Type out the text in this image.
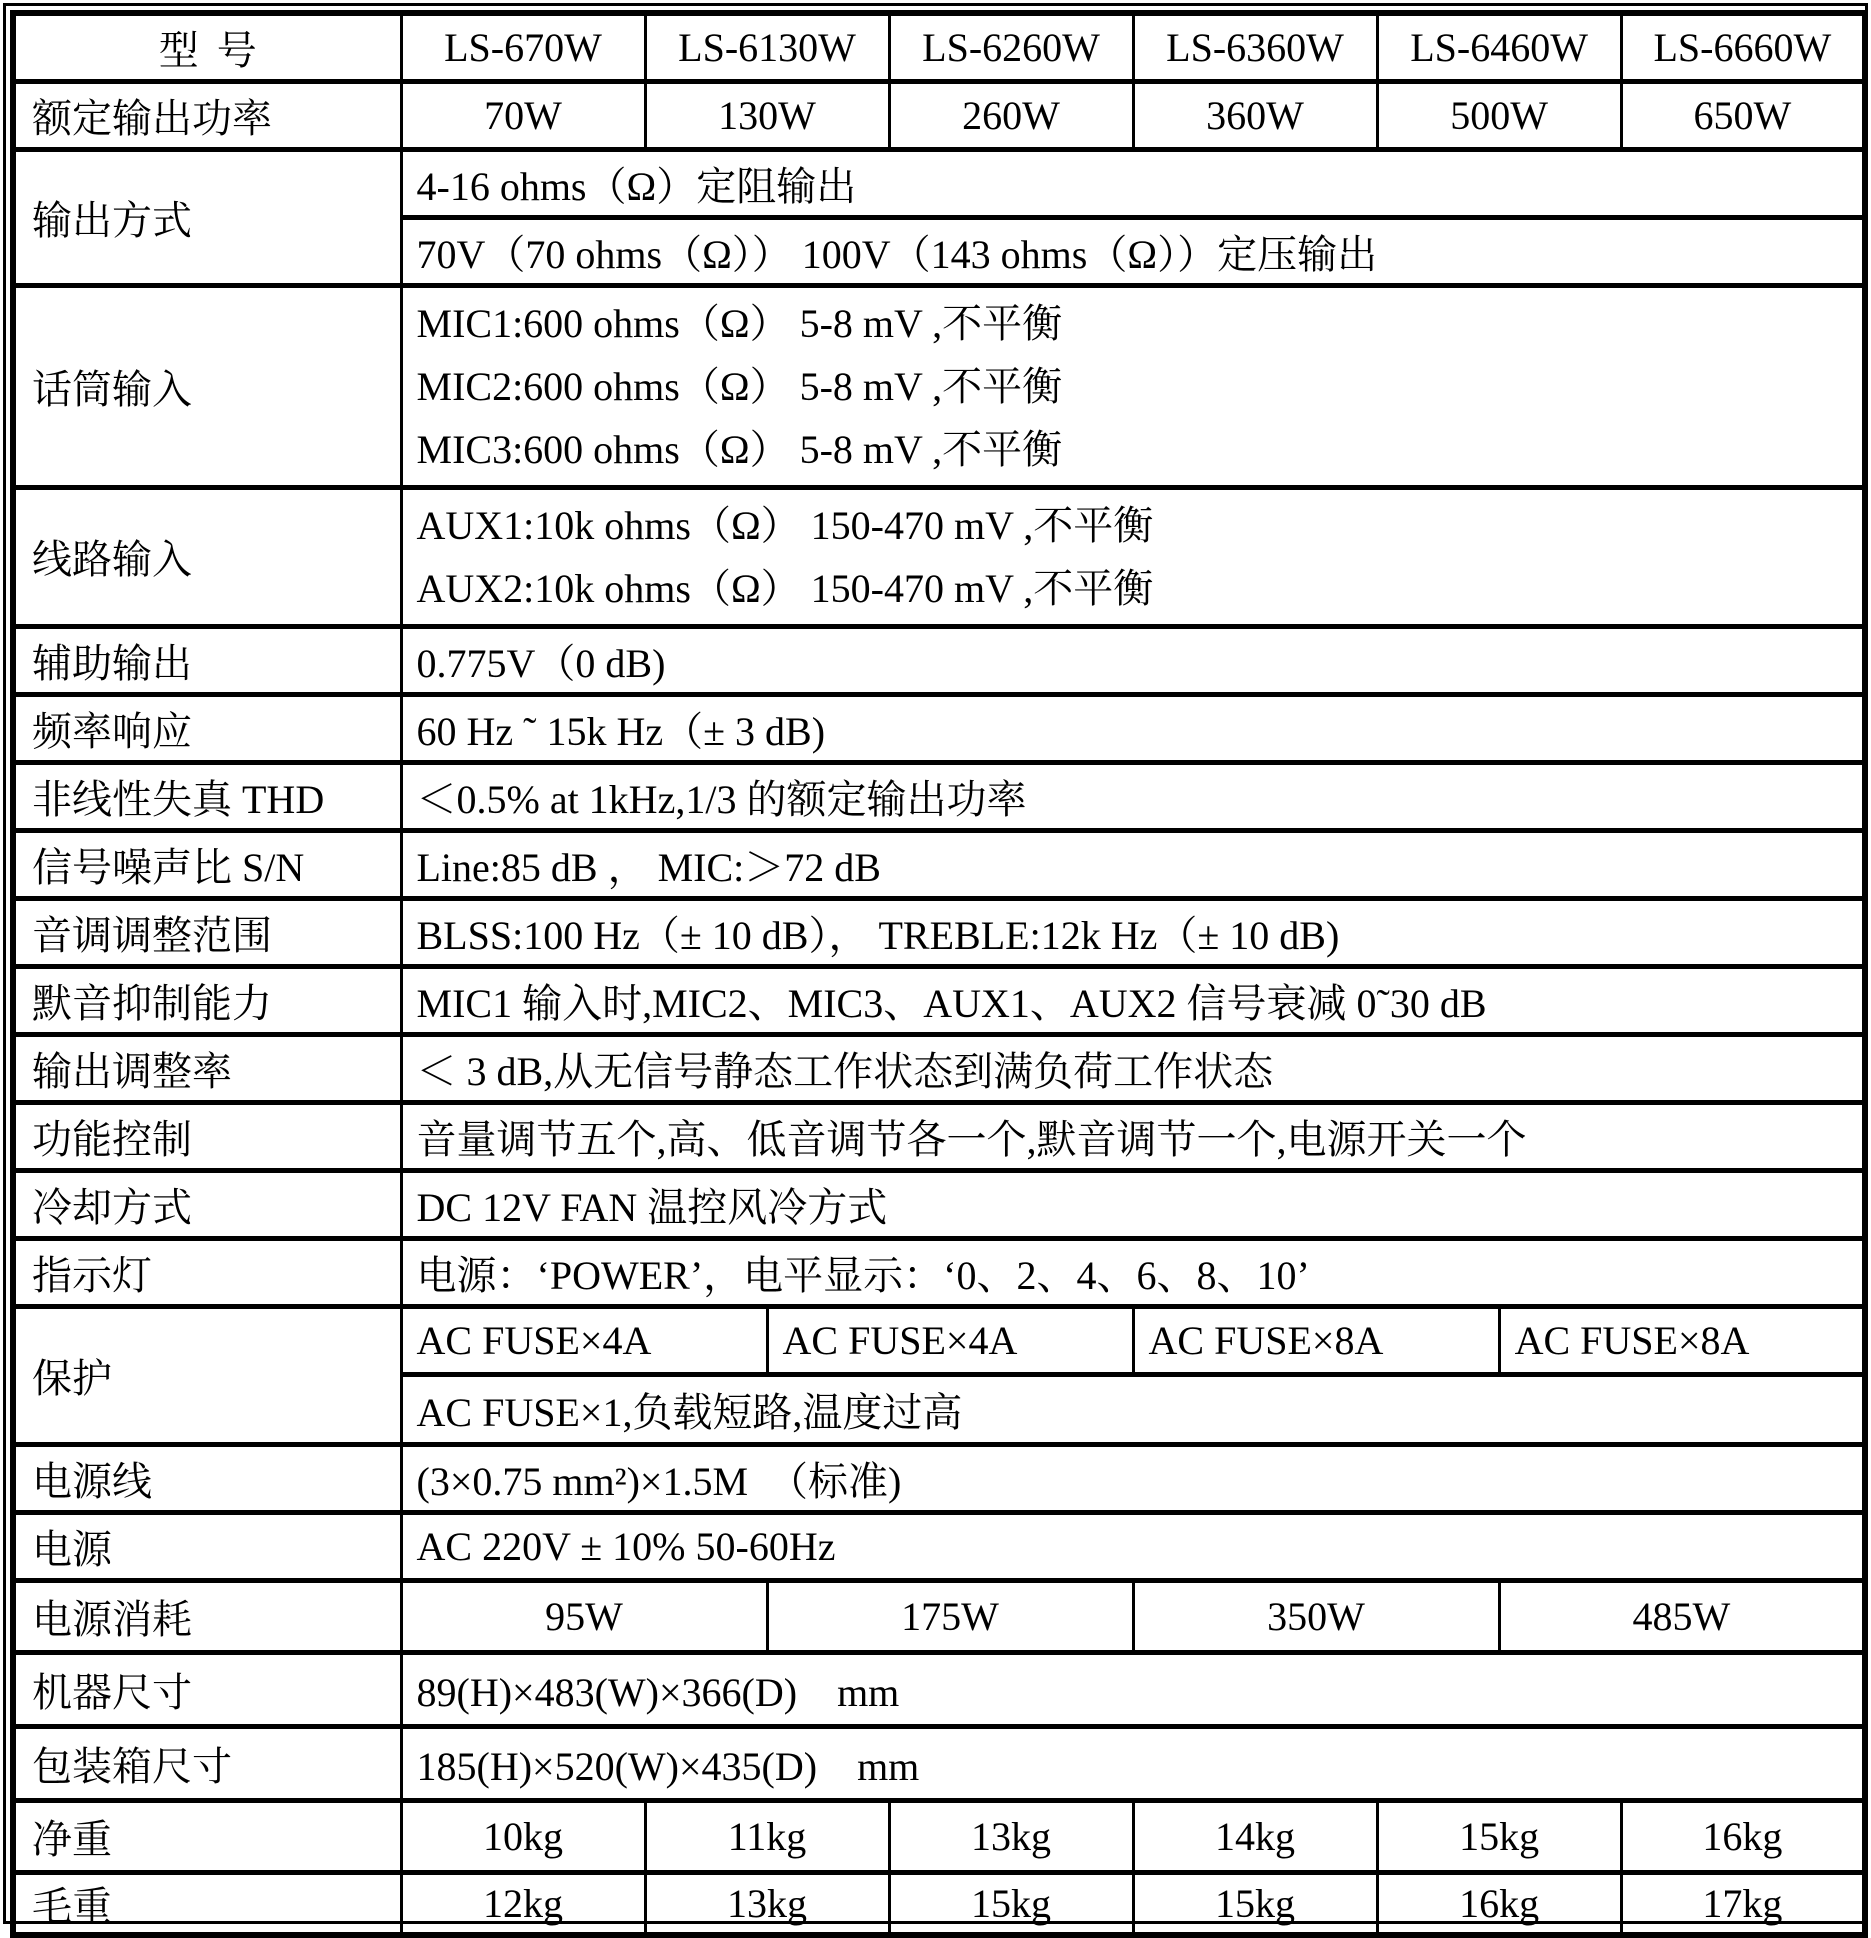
型号	LS-670W	LS-6130W		LS-6260W	LS-6360W	LS-6460W		LS-6660W
额定输出功率	70W	130W		260W	360W	500W		650W
输出方式	4-16 ohms（Ω）定阻输出							
	70V（70 ohms（Ω）） 100V（143 ohms（Ω））定压输出							
话筒输入	MIC1:600 ohms（Ω） 5-8 mV ,不平衡
MIC2:600 ohms（Ω） 5-8 mV ,不平衡
MIC3:600 ohms（Ω） 5-8 mV ,不平衡							

线路输入	AUX1:10k ohms（Ω） 150-470 mV ,不平衡
AUX2:10k ohms（Ω） 150-470 mV ,不平衡							

辅助输出	0.775V（0 dB)							
频率响应	60 Hz ˜ 15k Hz（± 3 dB)							
非线性失真 THD	＜0.5% at 1kHz,1/3 的额定输出功率							
信号噪声比 S/N	Line:85 dB ， MIC:＞72 dB							
音调调整范围	BLSS:100 Hz（± 10 dB）， TREBLE:12k Hz（± 10 dB)							
默音抑制能力	MIC1 输入时,MIC2、MIC3、AUX1、AUX2 信号衰减 0˜30 dB							
输出调整率	＜ 3 dB,从无信号静态工作状态到满负荷工作状态							
功能控制	音量调节五个,高、低音调节各一个,默音调节一个,电源开关一个							
冷却方式	DC 12V FAN 温控风冷方式							
指示灯	电源：‘POWER’，电平显示：‘0、2、4、6、8、10’							
保护	AC FUSE×4A		AC FUSE×4A		AC FUSE×8A		AC FUSE×8A	
	AC FUSE×1,负载短路,温度过高							
电源线	(3×0.75 mm²)×1.5M　（标准)							
电源	AC 220V ± 10% 50-60Hz							
电源消耗	95W		175W		350W		485W	
机器尺寸	89(H)×483(W)×366(D)　mm							
包装箱尺寸	185(H)×520(W)×435(D)　mm							
净重	10kg	11kg		13kg	14kg	15kg		16kg
毛重	12kg	13kg		15kg	15kg	16kg		17kg
